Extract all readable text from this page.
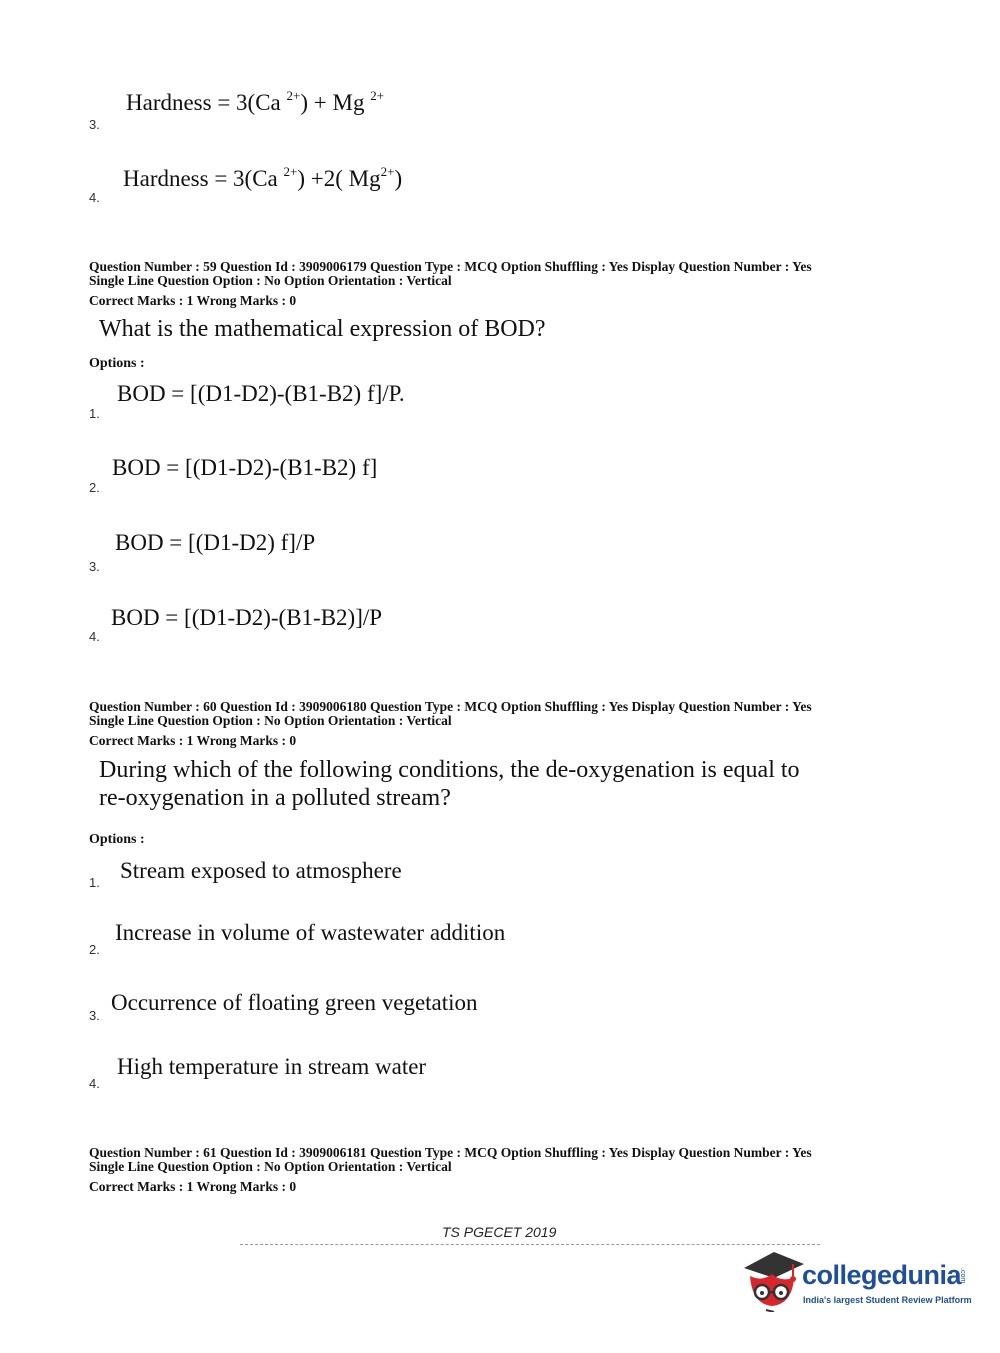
Hardness = 3(Ca $^{2+}$) + Mg $^{2+}$
3.
Hardness = 3(Ca $^{2+}$) +2( $Mg^{2+}$)
4.
Question Number : 59 Question Id : 3909006179 Question Type : MCQ Option Shuffling : Yes Display Question Number : Yes
Single Line Question Option : No Option Orientation : Vertical
Correct Marks : 1 Wrong Marks : 0
What is the mathematical expression of BOD?
Options :
BOD = [(D1-D2)-(B1-B2) f]/P.
1.
BOD = [(D1-D2)-(B1-B2) f]
2.
BOD = [(D1-D2) f]/P
3.
BOD = [(D1-D2)-(B1-B2)]/P
4.
Question Number : 60 Question Id : 3909006180 Question Type : MCQ Option Shuffling : Yes Display Question Number : Yes
Single Line Question Option : No Option Orientation : Vertical
Correct Marks : 1 Wrong Marks : 0
During which of the following conditions, the de-oxygenation is equal to
re-oxygenation in a polluted stream?
Options :
Stream exposed to atmosphere
1.
Increase in volume of wastewater addition
2.
Occurrence of floating green vegetation
3.
High temperature in stream water
4.
Question Number : 61 Question Id : 3909006181 Question Type : MCQ Option Shuffling : Yes Display Question Number : Yes
Single Line Question Option : No Option Orientation : Vertical
Correct Marks : 1 Wrong Marks : 0
TS PGECET 2019
collegedunia
.com
India's largest Student Review Platform
